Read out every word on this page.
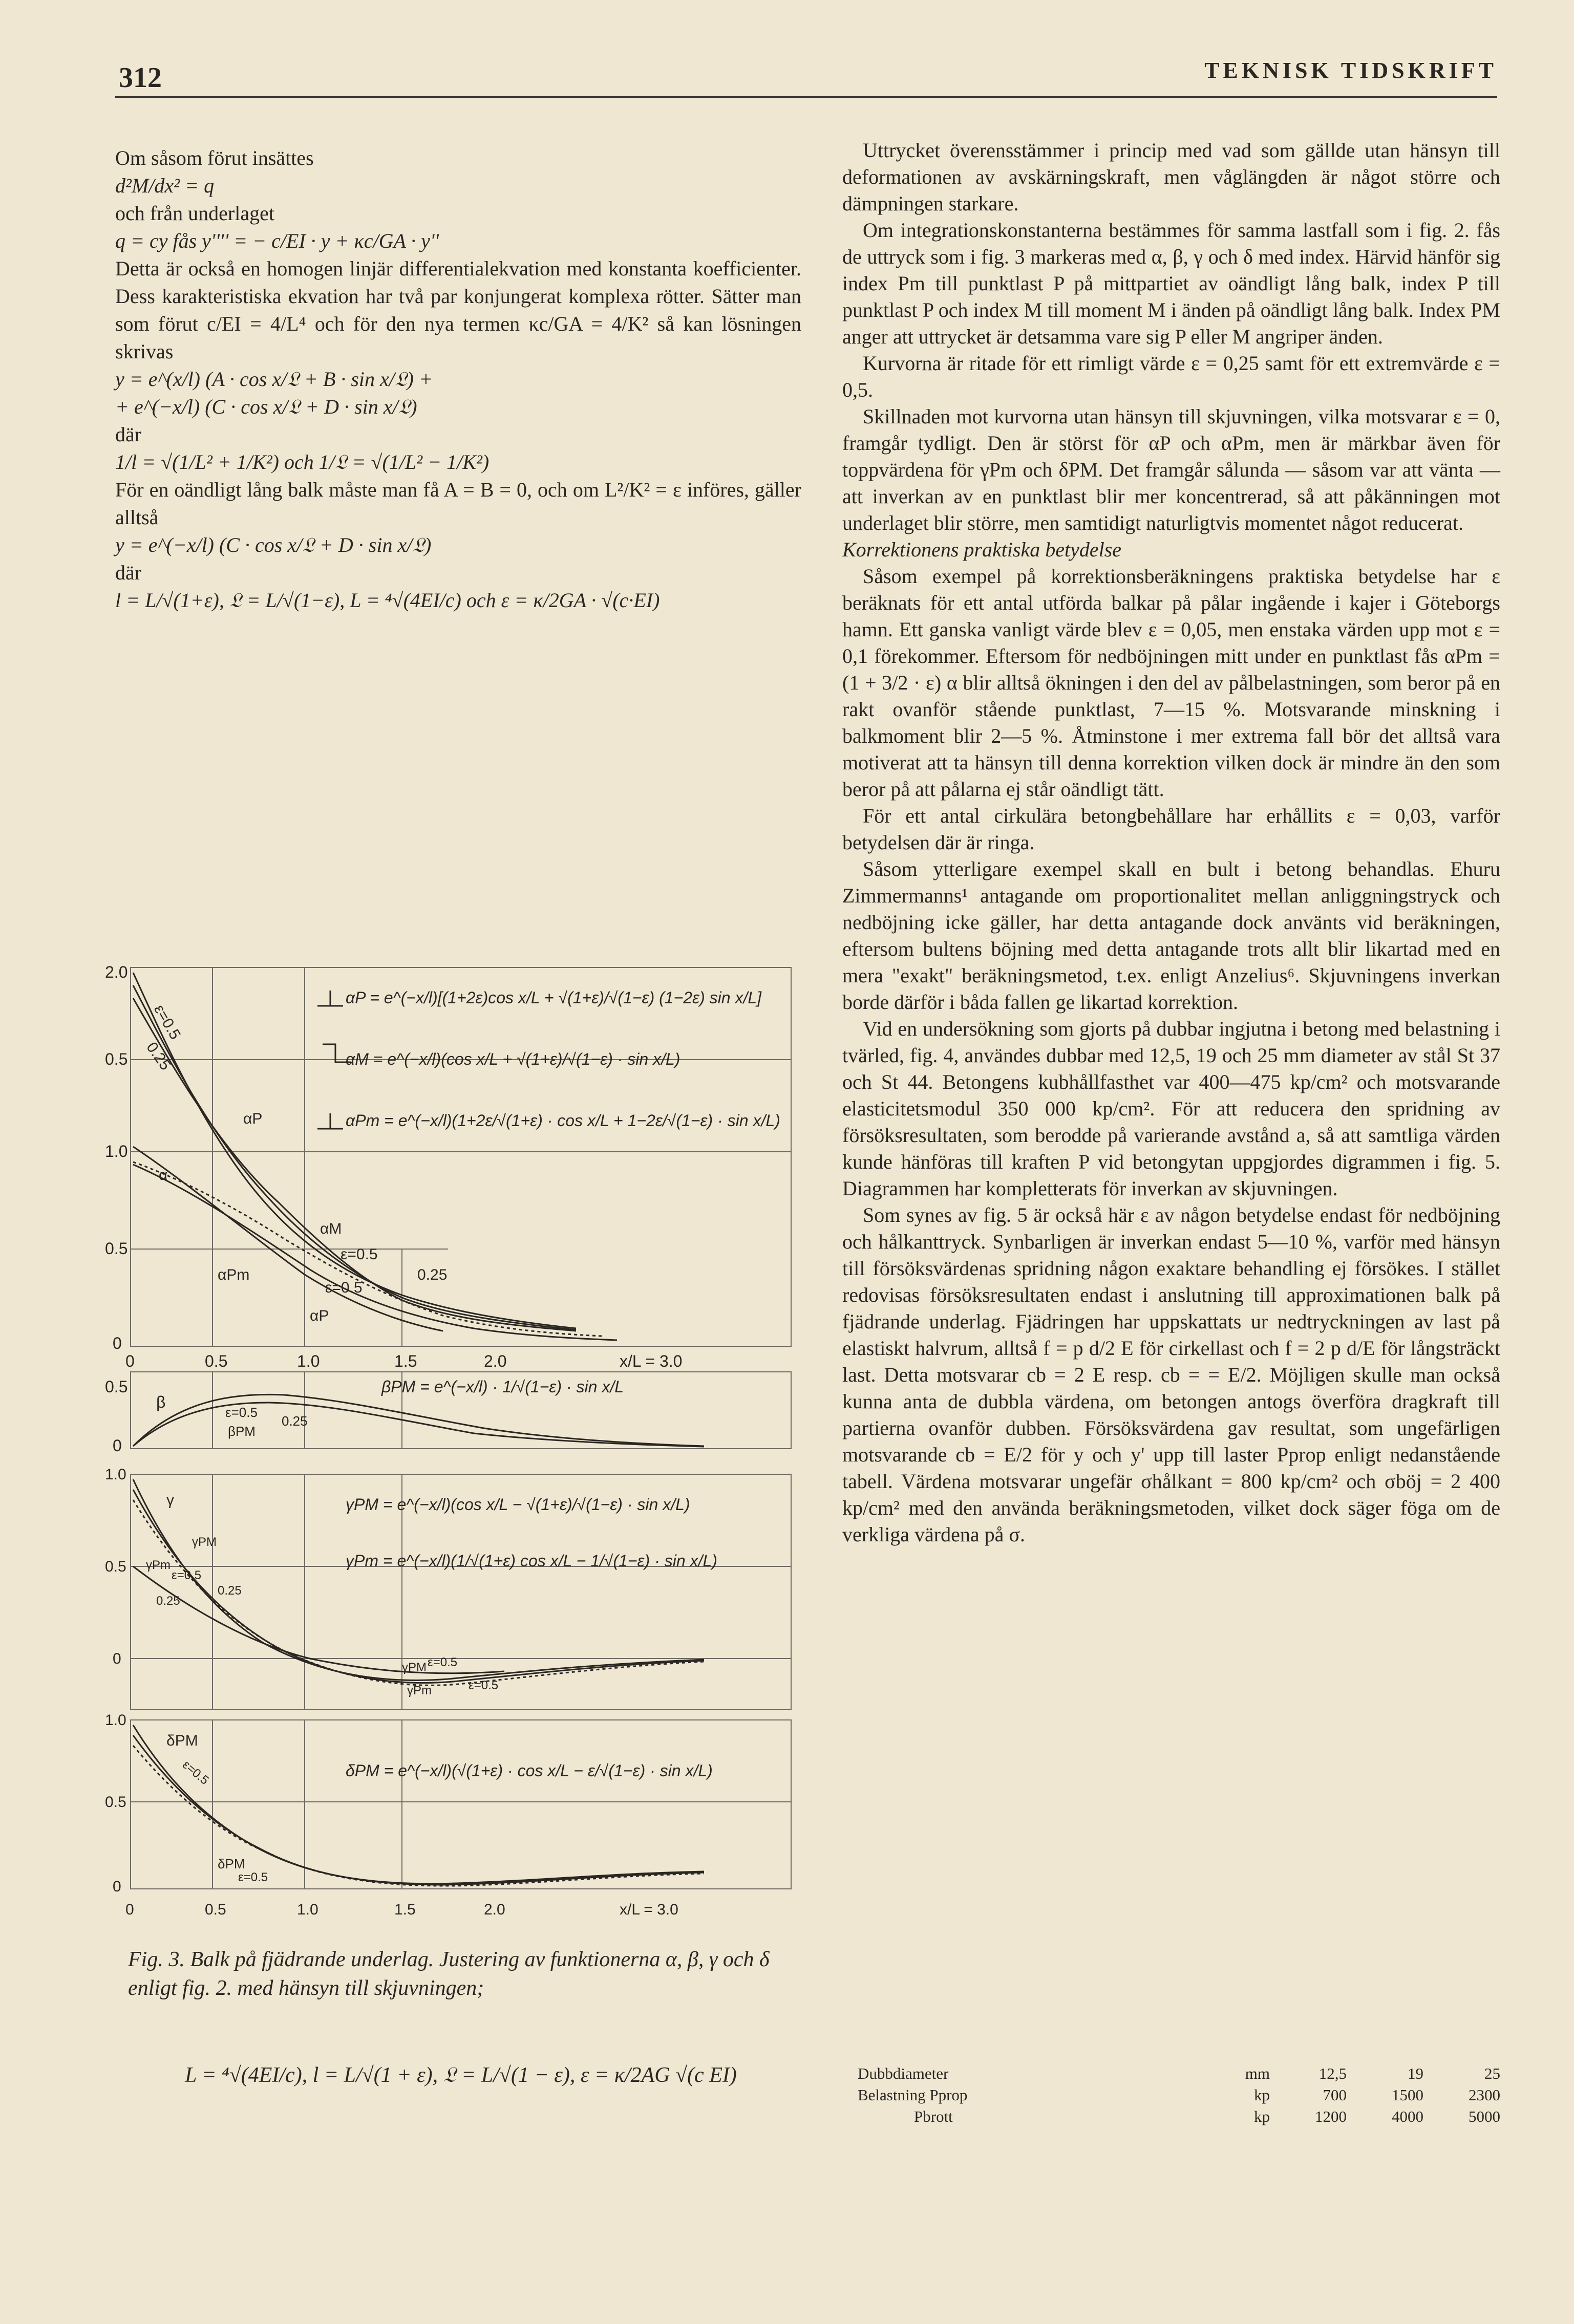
312	TEKNISK TIDSKRIFT

Om såsom förut insättes

d²M/dx² = q

och från underlaget

q = cy fås y'''' = − c/EI · y + κc/GA · y''

Detta är också en homogen linjär differentialekvation med konstanta koefficienter. Dess karakteristiska ekvation har två par konjungerat komplexa rötter. Sätter man som förut c/EI = 4/L⁴ och för den nya termen κc/GA = 4/K² så kan lösningen skrivas

y = e^(x/l) (A · cos x/𝔏 + B · sin x/𝔏) +

+ e^(−x/l) (C · cos x/𝔏 + D · sin x/𝔏)

där

1/l = √(1/L² + 1/K²) och 1/𝔏 = √(1/L² − 1/K²)

För en oändligt lång balk måste man få A = B = 0, och om L²/K² = ε införes, gäller alltså

y = e^(−x/l) (C · cos x/𝔏 + D · sin x/𝔏)

där

l = L/√(1+ε), 𝔏 = L/√(1−ε), L = ⁴√(4EI/c) och ε = κ/2GA · √(c·EI)

ε=0.5
0.25
αP
α
αM
ε=0.5
0.25
αPm
ε=0.5
αP
2.0
0.5
1.0
0.5
0
0	0.5	1.0	1.5	2.0	x/L = 3.0
αP = e^(−x/l)[(1+2ε)cos x/L + √(1+ε)/√(1−ε) (1−2ε) sin x/L]
αM = e^(−x/l)(cos x/L + √(1+ε)/√(1−ε) · sin x/L)
αPm = e^(−x/l)(1+2ε/√(1+ε) · cos x/L + 1−2ε/√(1−ε) · sin x/L)
0.5
0
β
ε=0.5
0.25
βPM
βPM = e^(−x/l) · 1/√(1−ε) · sin x/L
1.0
0.5
0
γ
γPM
γPm
ε=0.5
0.25
0.25
γPM ε=0.5
γPm	ε=0.5
γPM = e^(−x/l)(cos x/L − √(1+ε)/√(1−ε) · sin x/L)
γPm = e^(−x/l)(1/√(1+ε) cos x/L − 1/√(1−ε) · sin x/L)
1.0
0.5
0
0	0.5	1.0	1.5	2.0	x/L = 3.0
δPM
ε=0.5
δPM
ε=0.5
δPM = e^(−x/l)(√(1+ε) · cos x/L − ε/√(1−ε) · sin x/L)
Fig. 3. Balk på fjädrande underlag. Justering av funktionerna α, β, γ och δ enligt fig. 2. med hänsyn till skjuvningen;
L = ⁴√(4EI/c), l = L/√(1 + ε), 𝔏 = L/√(1 − ε), ε = κ/2AG √(c EI)

Uttrycket överensstämmer i princip med vad som gällde utan hänsyn till deformationen av avskärningskraft, men våglängden är något större och dämpningen starkare.

Om integrationskonstanterna bestämmes för samma lastfall som i fig. 2. fås de uttryck som i fig. 3 markeras med α, β, γ och δ med index. Härvid hänför sig index Pm till punktlast P på mittpartiet av oändligt lång balk, index P till punktlast P och index M till moment M i änden på oändligt lång balk. Index PM anger att uttrycket är detsamma vare sig P eller M angriper änden.

Kurvorna är ritade för ett rimligt värde ε = 0,25 samt för ett extremvärde ε = 0,5.

Skillnaden mot kurvorna utan hänsyn till skjuvningen, vilka motsvarar ε = 0, framgår tydligt. Den är störst för αP och αPm, men är märkbar även för toppvärdena för γPm och δPM. Det framgår sålunda — såsom var att vänta — att inverkan av en punktlast blir mer koncentrerad, så att påkänningen mot underlaget blir större, men samtidigt naturligtvis momentet något reducerat.

Korrektionens praktiska betydelse

Såsom exempel på korrektionsberäkningens praktiska betydelse har ε beräknats för ett antal utförda balkar på pålar ingående i kajer i Göteborgs hamn. Ett ganska vanligt värde blev ε = 0,05, men enstaka värden upp mot ε = 0,1 förekommer. Eftersom för nedböjningen mitt under en punktlast fås αPm = (1 + 3/2 · ε) α blir alltså ökningen i den del av pålbelastningen, som beror på en rakt ovanför stående punktlast, 7—15 %. Motsvarande minskning i balkmoment blir 2—5 %. Åtminstone i mer extrema fall bör det alltså vara motiverat att ta hänsyn till denna korrektion vilken dock är mindre än den som beror på att pålarna ej står oändligt tätt.

För ett antal cirkulära betongbehållare har erhållits ε = 0,03, varför betydelsen där är ringa.

Såsom ytterligare exempel skall en bult i betong behandlas. Ehuru Zimmermanns¹ antagande om proportionalitet mellan anliggningstryck och nedböjning icke gäller, har detta antagande dock använts vid beräkningen, eftersom bultens böjning med detta antagande trots allt blir likartad med en mera "exakt" beräkningsmetod, t.ex. enligt Anzelius⁶. Skjuvningens inverkan borde därför i båda fallen ge likartad korrektion.

Vid en undersökning som gjorts på dubbar ingjutna i betong med belastning i tvärled, fig. 4, användes dubbar med 12,5, 19 och 25 mm diameter av stål St 37 och St 44. Betongens kubhållfasthet var 400—475 kp/cm² och motsvarande elasticitetsmodul 350 000 kp/cm². För att reducera den spridning av försöksresultaten, som berodde på varierande avstånd a, så att samtliga värden kunde hänföras till kraften P vid betongytan uppgjordes digrammen i fig. 5. Diagrammen har kompletterats för inverkan av skjuvningen.

Som synes av fig. 5 är också här ε av någon betydelse endast för nedböjning och hålkanttryck. Synbarligen är inverkan endast 5—10 %, varför med hänsyn till försöksvärdenas spridning någon exaktare behandling ej försökes. I stället redovisas försöksresultaten endast i anslutning till approximationen balk på fjädrande underlag. Fjädringen har uppskattats ur nedtryckningen av last på elastiskt halvrum, alltså f = p d/2 E för cirkellast och f = 2 p d/E för långsträckt last. Detta motsvarar cb = 2 E resp. cb = = E/2. Möjligen skulle man också kunna anta de dubbla värdena, om betongen antogs överföra dragkraft till partierna ovanför dubben. Försöksvärdena gav resultat, som ungefärligen motsvarande cb = E/2 för y och y' upp till laster Pprop enligt nedanstående tabell. Värdena motsvarar ungefär σhålkant = 800 kp/cm² och σböj = 2 400 kp/cm² med den använda beräkningsmetoden, vilket dock säger föga om de verkliga värdena på σ.

Dubbdiameter	mm	12,5	19	25
Belastning Pprop	kp	700	1500	2300
Pbrott	kp	1200	4000	5000
